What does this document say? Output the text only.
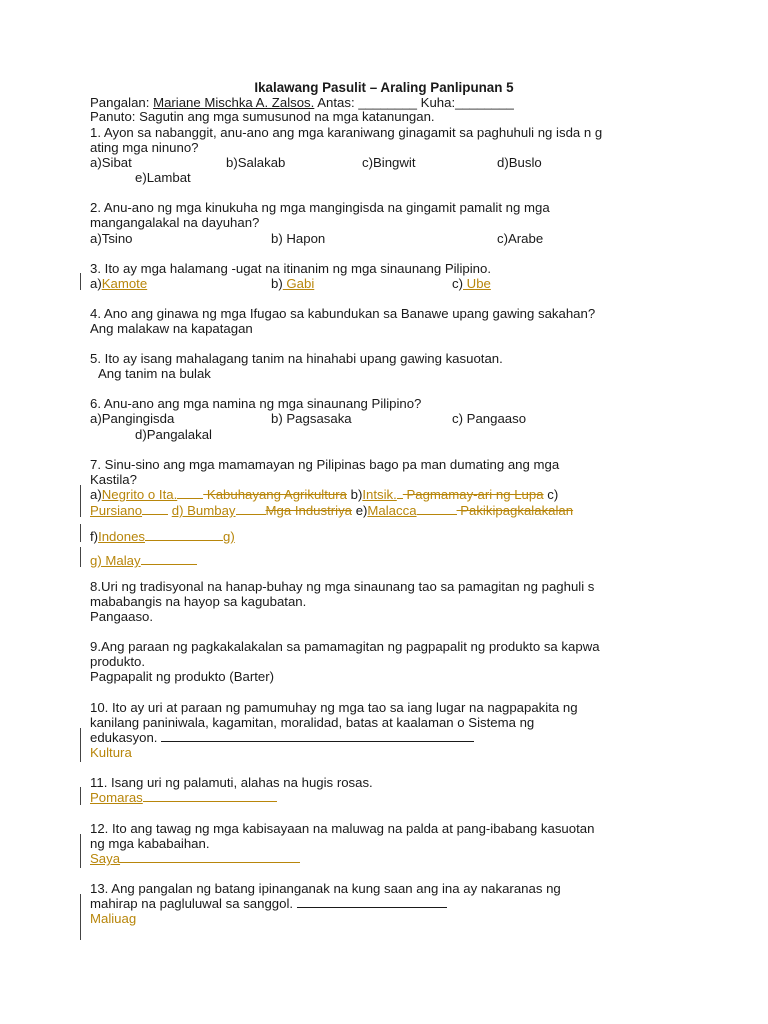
Ikalawang Pasulit – Araling Panlipunan 5
Pangalan: Mariane Mischka A. Zalsos. Antas: ________ Kuha:________
Panuto: Sagutin ang mga sumusunod na mga katanungan.
1. Ayon sa nabanggit, anu-ano ang mga karaniwang ginagamit sa paghuhuli ng isda n g
ating mga ninuno?
a)Sibat	b)Salakab	c)Bingwit	d)Buslo
e)Lambat
2. Anu-ano ng mga kinukuha ng mga mangingisda na gingamit pamalit ng mga
mangangalakal na dayuhan?
a)Tsino	b) Hapon	c)Arabe
3. Ito ay mga halamang -ugat na itinanim ng mga sinaunang Pilipino.
a)Kamote	b) Gabi	c) Ube
4. Ano ang ginawa ng mga Ifugao sa kabundukan sa Banawe upang gawing sakahan?
Ang malakaw na kapatagan
5. Ito ay isang mahalagang tanim na hinahabi upang gawing kasuotan.
Ang tanim na bulak
6. Anu-ano ang mga namina ng mga sinaunang Pilipino?
a)Pangingisda	b) Pagsasaka	c) Pangaaso
d)Pangalakal
7. Sinu-sino ang mga mamamayan ng Pilipinas bago pa man dumating ang mga
Kastila?
a)Negrito o Ita. Kabuhayang Agrikultura b)Intsik. Pagmamay-ari ng Lupa c)
Pursiano d) Bumbay Mga Industriya e)Malacca	Pakikipagkalakalan
f)Indones	g)
g) Malay
8.Uri ng tradisyonal na hanap-buhay ng mga sinaunang tao sa pamagitan ng paghuli s
mababangis na hayop sa kagubatan.
Pangaaso.
9.Ang paraan ng pagkakalakalan sa pamamagitan ng pagpapalit ng produkto sa kapwa
produkto.
Pagpapalit ng produkto (Barter)
10. Ito ay uri at paraan ng pamumuhay ng mga tao sa iang lugar na nagpapakita ng
kanilang paniniwala, kagamitan, moralidad, batas at kaalaman o Sistema ng
edukasyon.
Kultura
11. Isang uri ng palamuti, alahas na hugis rosas.
Pomaras
12. Ito ang tawag ng mga kabisayaan na maluwag na palda at pang-ibabang kasuotan
ng mga kababaihan.
Saya
13. Ang pangalan ng batang ipinanganak na kung saan ang ina ay nakaranas ng
mahirap na pagluluwal sa sanggol.
Maliuag
